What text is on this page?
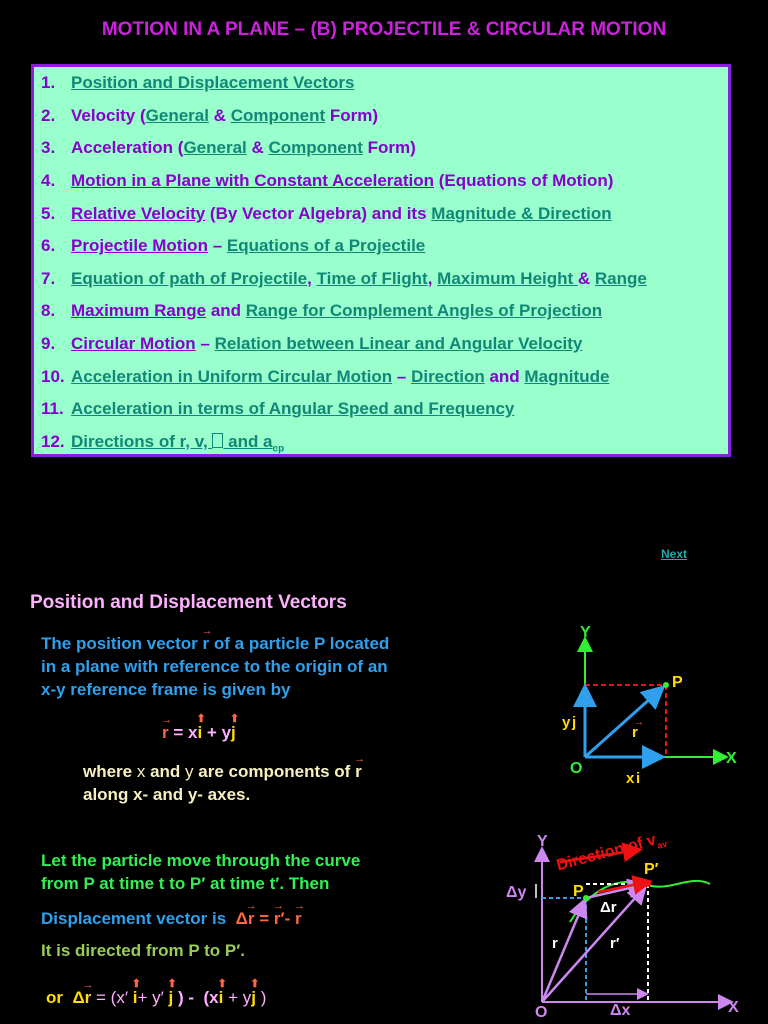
MOTION IN A PLANE – (B) PROJECTILE & CIRCULAR MOTION
1. Position and Displacement Vectors
2. Velocity (General & Component Form)
3. Acceleration (General & Component Form)
4. Motion in a Plane with Constant Acceleration (Equations of Motion)
5. Relative Velocity (By Vector Algebra) and its Magnitude & Direction
6. Projectile Motion – Equations of a Projectile
7. Equation of path of Projectile, Time of Flight, Maximum Height & Range
8. Maximum Range and Range for Complement Angles of Projection
9. Circular Motion – Relation between Linear and Angular Velocity
10. Acceleration in Uniform Circular Motion – Direction and Magnitude
11. Acceleration in terms of Angular Speed and Frequency
12. Directions of r, v,  and $a_{cp}$
Next
Position and Displacement Vectors
The position vector
→
r of a particle P located
in a plane with reference to the origin of an
x-y reference frame is given by
→
r = x
⬆
i + y
⬆
j
where x and y are components of
→
r
along x- and y- axes.
Let the particle move through the curve
from P at time t to P′ at time t′. Then
Displacement vector is
→
Δr =
→
r′-
→
r
It is directed from P to P′.
or
→
Δr = (x′
⬆
i+ y′
⬆
j ) -  (x
⬆
i + y
⬆
j )
Y
X
O
P
r
→
y j
x i
Direction of $v_{av}$
Y
X
O
P
P′
Δy
Δx
r	r′
Δr
